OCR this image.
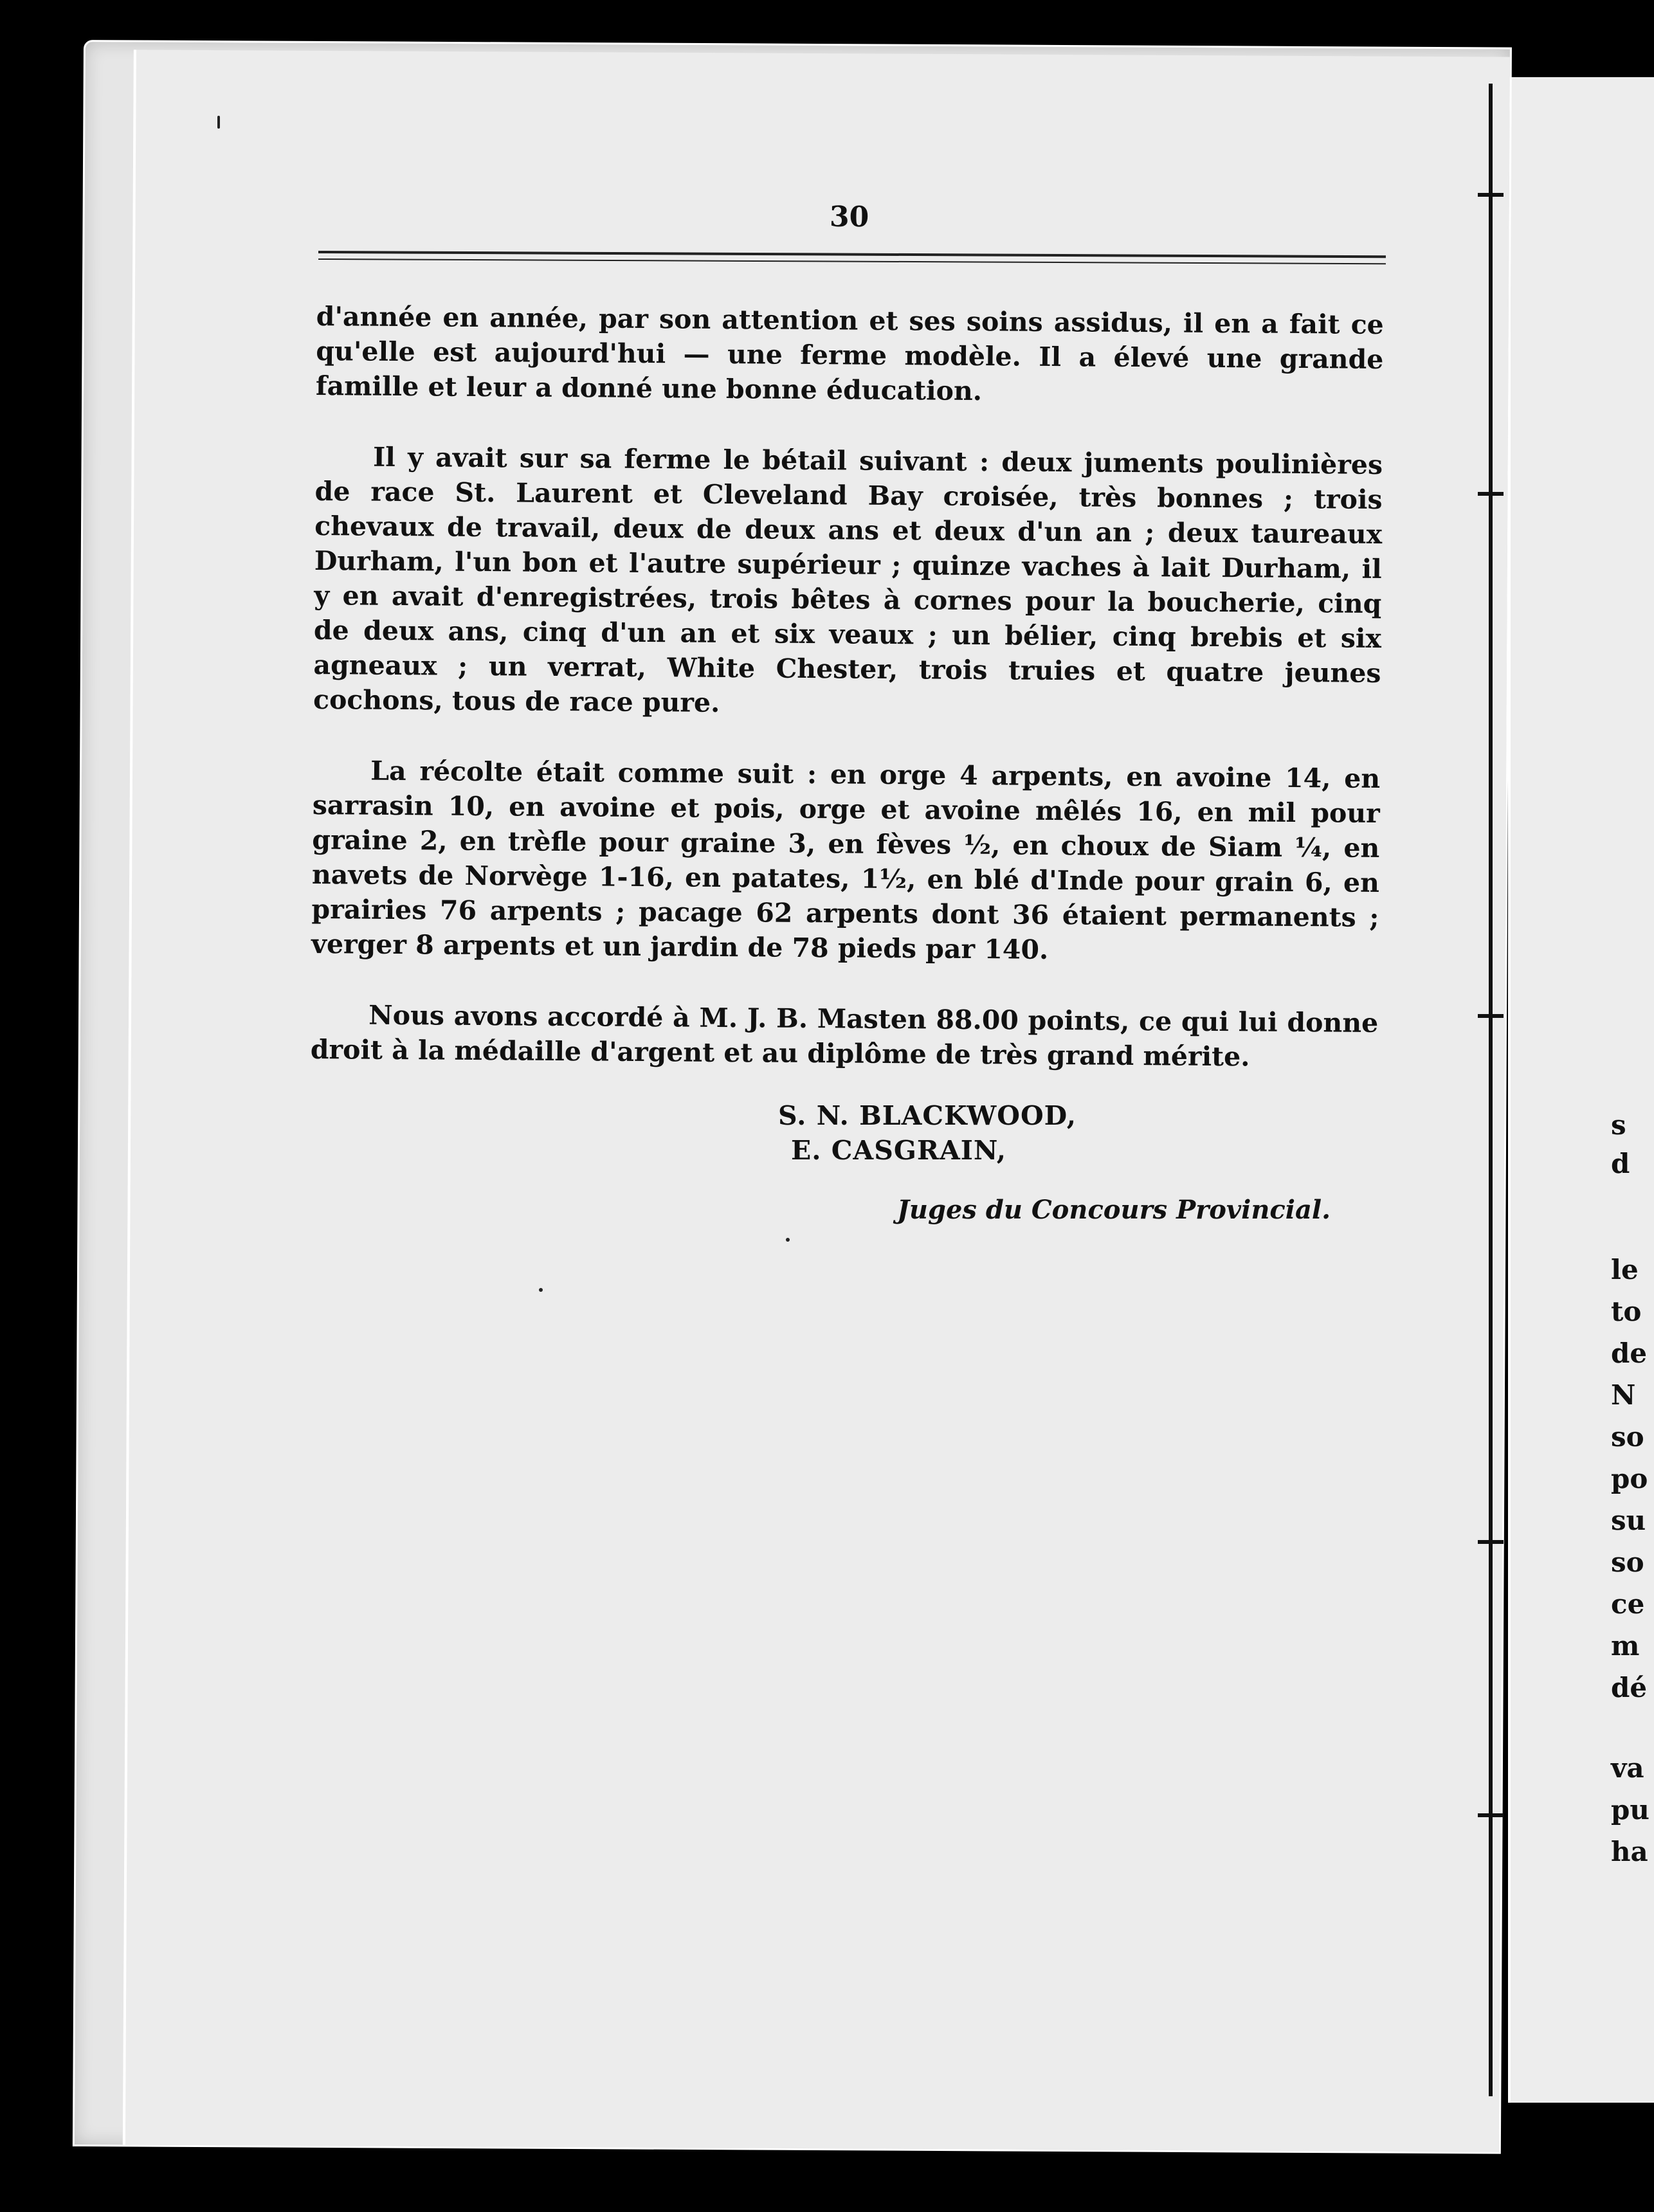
30

d'année en année, par son attention et ses soins assidus, il en a fait ce qu'elle est aujourd'hui — une ferme modèle. Il a élevé une grande famille et leur a donné une bonne éducation.

Il y avait sur sa ferme le bétail suivant : deux juments poulinières de race St. Laurent et Cleveland Bay croisée, très bonnes ; trois chevaux de travail, deux de deux ans et deux d'un an ; deux taureaux Durham, l'un bon et l'autre supérieur ; quinze vaches à lait Durham, il y en avait d'enregistrées, trois bêtes à cornes pour la boucherie, cinq de deux ans, cinq d'un an et six veaux ; un bélier, cinq brebis et six agneaux ; un verrat, White Chester, trois truies et quatre jeunes cochons, tous de race pure.

La récolte était comme suit : en orge 4 arpents, en avoine 14, en sarrasin 10, en avoine et pois, orge et avoine mêlés 16, en mil pour graine 2, en trèfle pour graine 3, en fèves ½, en choux de Siam ¼, en navets de Norvège 1-16, en patates, 1½, en blé d'Inde pour grain 6, en prairies 76 arpents ; pacage 62 arpents dont 36 étaient permanents ; verger 8 arpents et un jardin de 78 pieds par 140.

Nous avons accordé à M. J. B. Masten 88.00 points, ce qui lui donne droit à la médaille d'argent et au diplôme de très grand mérite.

S. N. BLACKWOOD,
E. CASGRAIN,
Juges du Concours Provincial.
s
d
le
to
de
N
so
po
su
so
ce
m
dé
va
pu
ha
